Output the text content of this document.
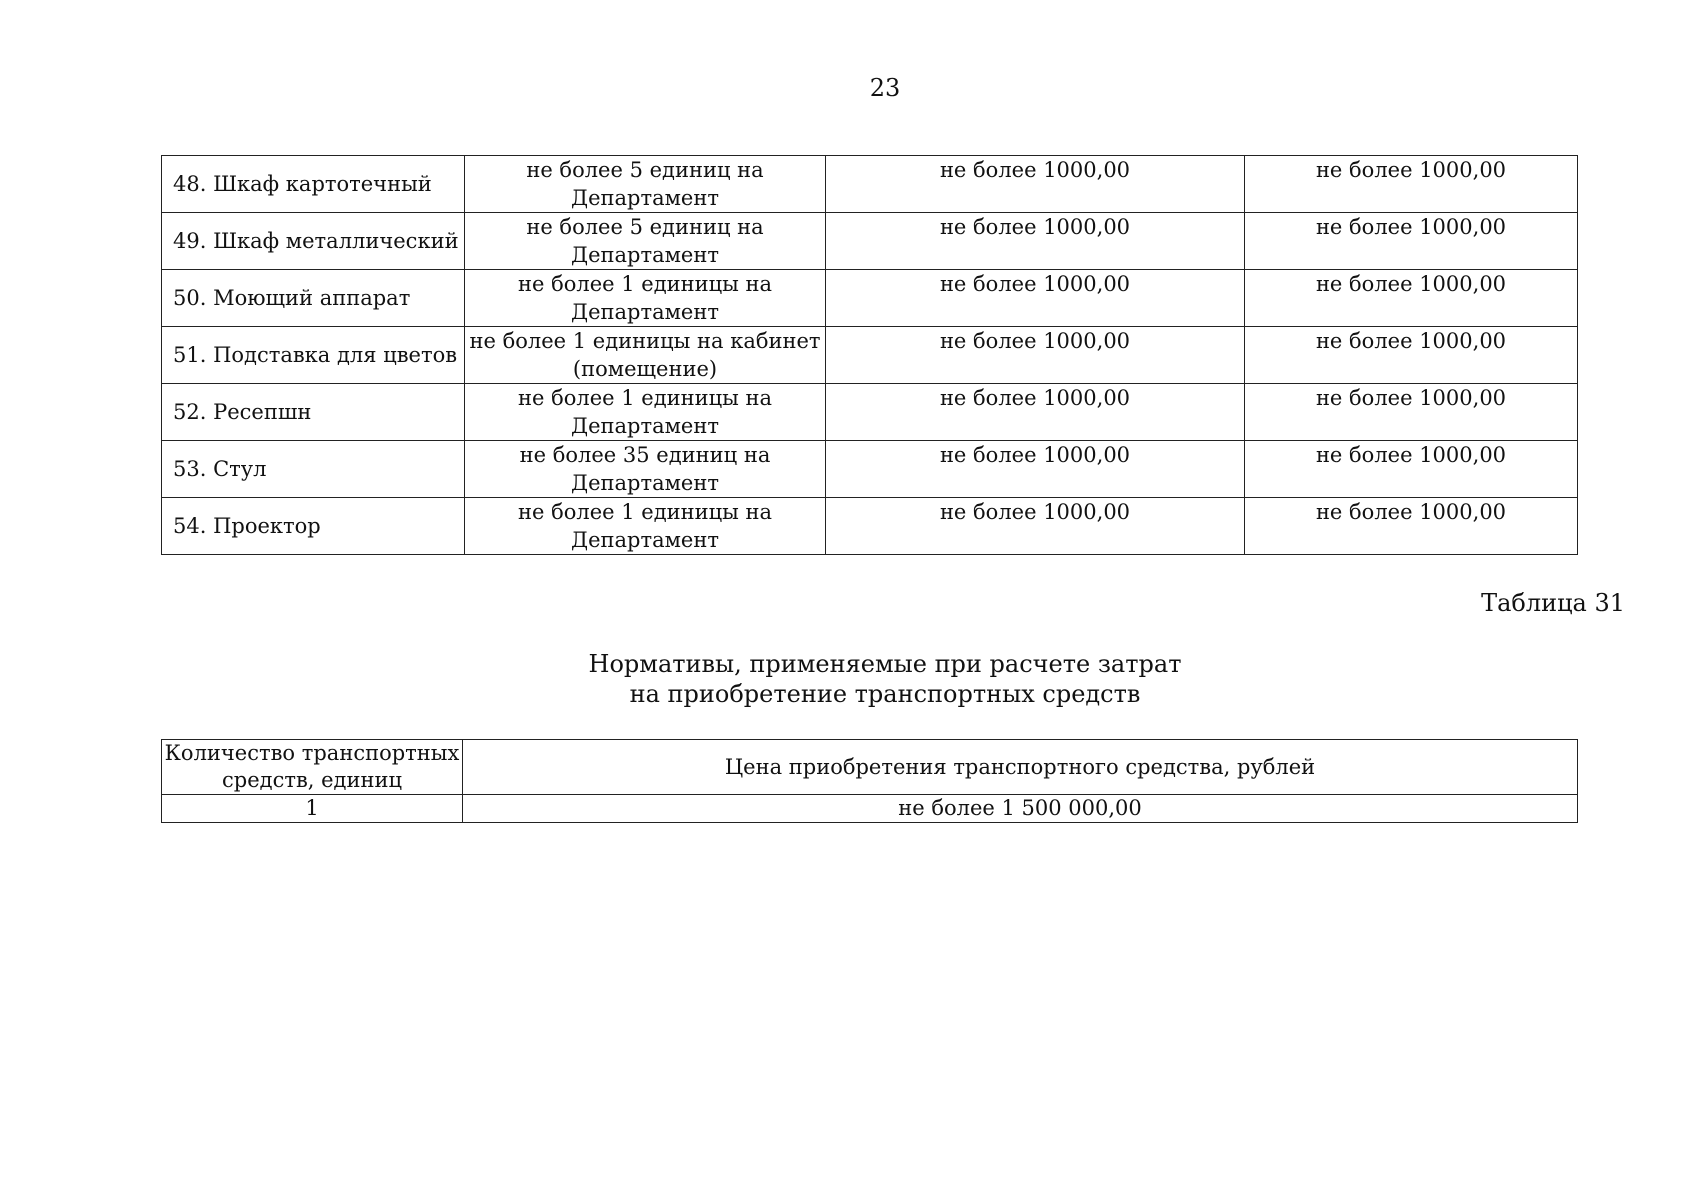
23
48. Шкаф картотечный	не более 5 единиц на
Департамент	не более 1000,00	не более 1000,00
49. Шкаф металлический	не более 5 единиц на
Департамент	не более 1000,00	не более 1000,00
50. Моющий аппарат	не более 1 единицы на
Департамент	не более 1000,00	не более 1000,00
51. Подставка для цветов	не более 1 единицы на кабинет
(помещение)	не более 1000,00	не более 1000,00
52. Ресепшн	не более 1 единицы на
Департамент	не более 1000,00	не более 1000,00
53. Стул	не более 35 единиц на
Департамент	не более 1000,00	не более 1000,00
54. Проектор	не более 1 единицы на
Департамент	не более 1000,00	не более 1000,00
Таблица 31
Нормативы, применяемые при расчете затрат
на приобретение транспортных средств
Количество транспортных
средств, единиц	Цена приобретения транспортного средства, рублей
1	не более 1 500 000,00
